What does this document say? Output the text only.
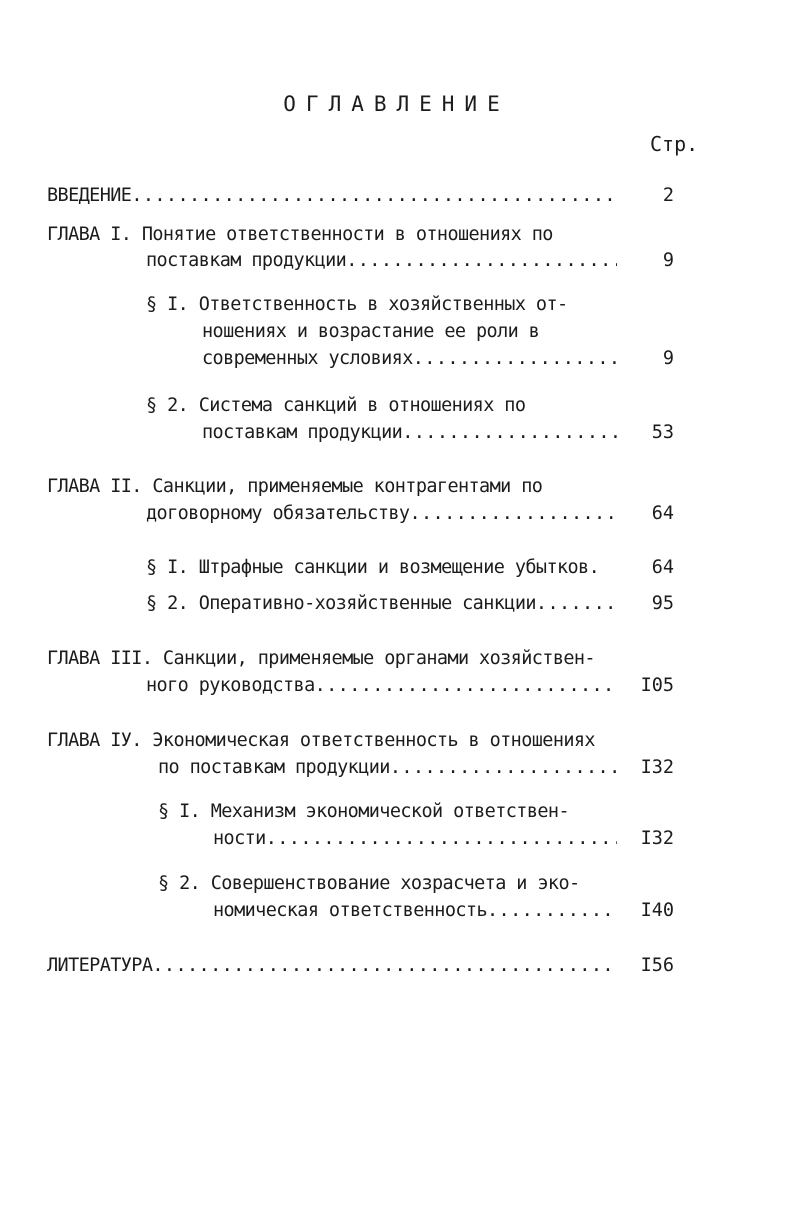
ОГЛАВЛЕНИЕ
Стр.
ВВЕДЕНИЕ .....	2
ГЛАВА I. Понятие ответственности в отношениях по
поставкам продукции .....	9
§ I. Ответственность в хозяйственных от-
ношениях и возрастание ее роли в
современных условиях .....	9
§ 2. Система санкций в отношениях по
поставкам продукции .....	53
ГЛАВА II. Санкции, применяемые контрагентами по
договорному обязательству .....	64
§ I. Штрафные санкции и возмещение убытков.	64
§ 2. Оперативно-хозяйственные санкции .....	95
ГЛАВА III. Санкции, применяемые органами хозяйствен-
ного руководства .....	I05
ГЛАВА IУ. Экономическая ответственность в отношениях
по поставкам продукции .....	I32
§ I. Механизм экономической ответствен-
ности .....	I32
§ 2. Совершенствование хозрасчета и эко-
номическая ответственность .....	I40
ЛИТЕРАТУРА .....	I56
